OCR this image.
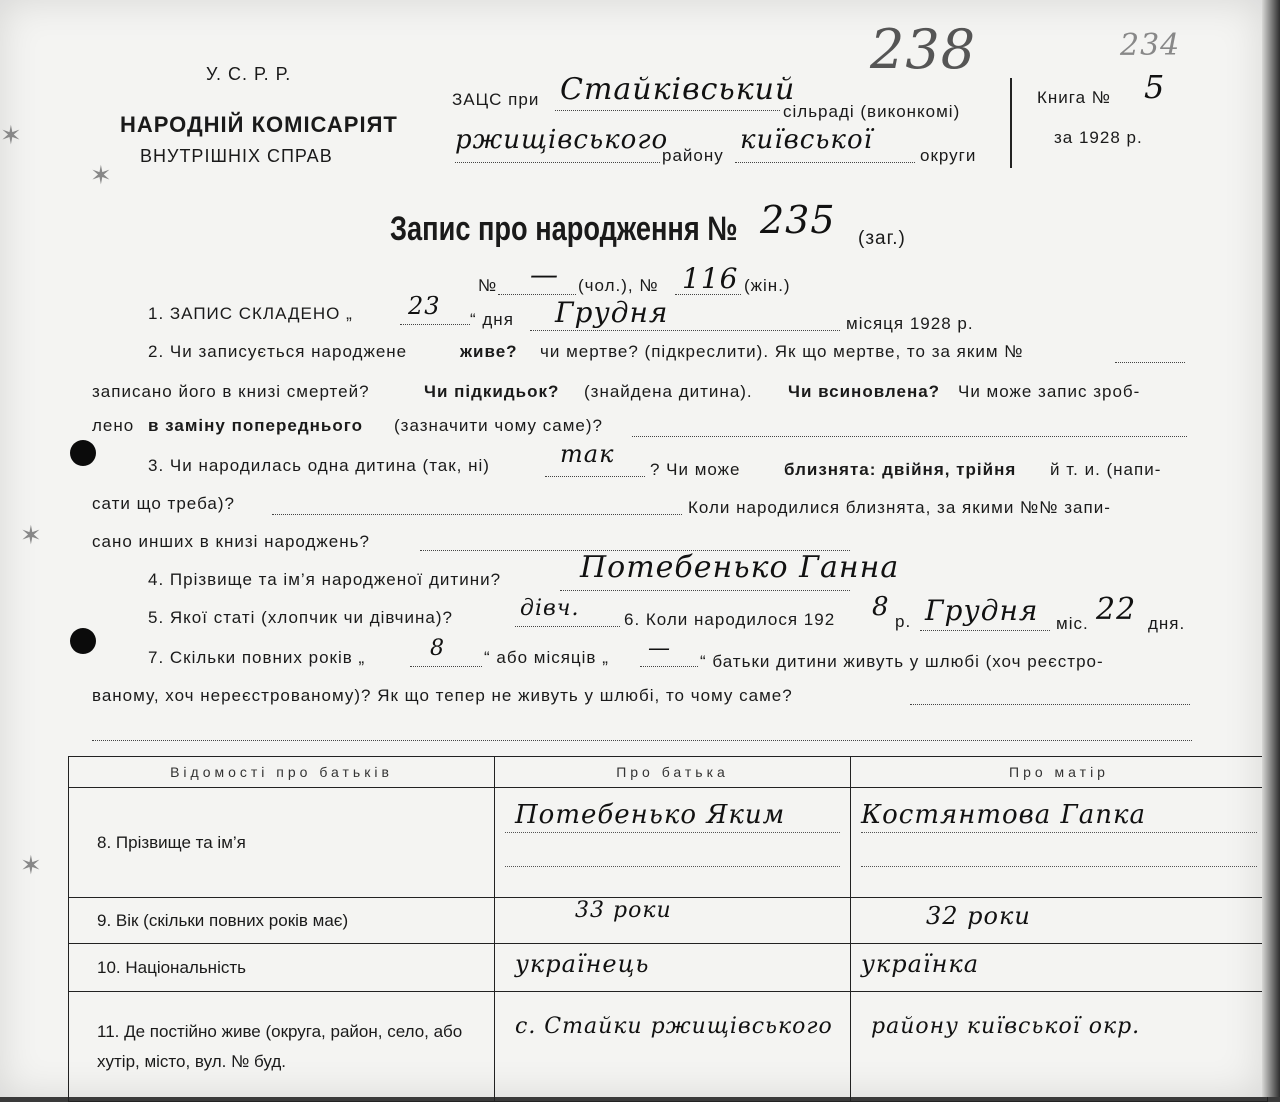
✶
✶
✶
✶
У. С. Р. Р.
НАРОДНІЙ КОМІСАРІЯТ
ВНУТРІШНІХ СПРАВ
238	234
ЗАЦС при Стайківський
сільраді (виконкомі)
ржищівського
району
київської
округи
Книга № 5
за 1928 р.
Запис про народження № 235 (заг.)
№ — (чол.), № 116 (жін.)
1. ЗАПИС СКЛАДЕНО „ 23 “ дня Грудня	місяця 1928 р.
2. Чи записується народжене	живе? чи мертве? (підкреслити). Як що мертве, то за яким №
записано його в книзі смертей?	Чи підкидьок? (знайдена дитина). Чи всиновлена? Чи може запис зроб-
лено в заміну попереднього (зазначити чому саме)?
3. Чи народилась одна дитина (так, ні)	так
? Чи може	близнята: двійня, трійня й т. и. (напи-
сати що треба)?	Коли народилися близнята, за якими №№ запи-
сано инших в книзі народжень?
4. Прізвище та ім’я народженої дитини?	Потебенько Ганна
5. Якої статі (хлопчик чи дівчина)?	дівч.	6. Коли народилося 192 8 р. Грудня міс. 22 дня.
7. Скільки повних років „	8 “ або місяців „ —
“ батьки дитини живуть у шлюбі (хоч реєстро-
ваному, хоч нереєстрованому)? Як що тепер не живуть у шлюбі, то чому саме?
Відомості про батьків	Про батька	Про матір
8. Прізвище та ім’я	Потебенько Яким	Костянтова Гапка

9. Вік (скільки повних років має)	33 роки	32 роки

10. Національність	українець	українка

11. Де постійно живе (округа, район, село, або хутір, місто, вул. № буд.	с. Стайки ржищівського	району київської окр.
